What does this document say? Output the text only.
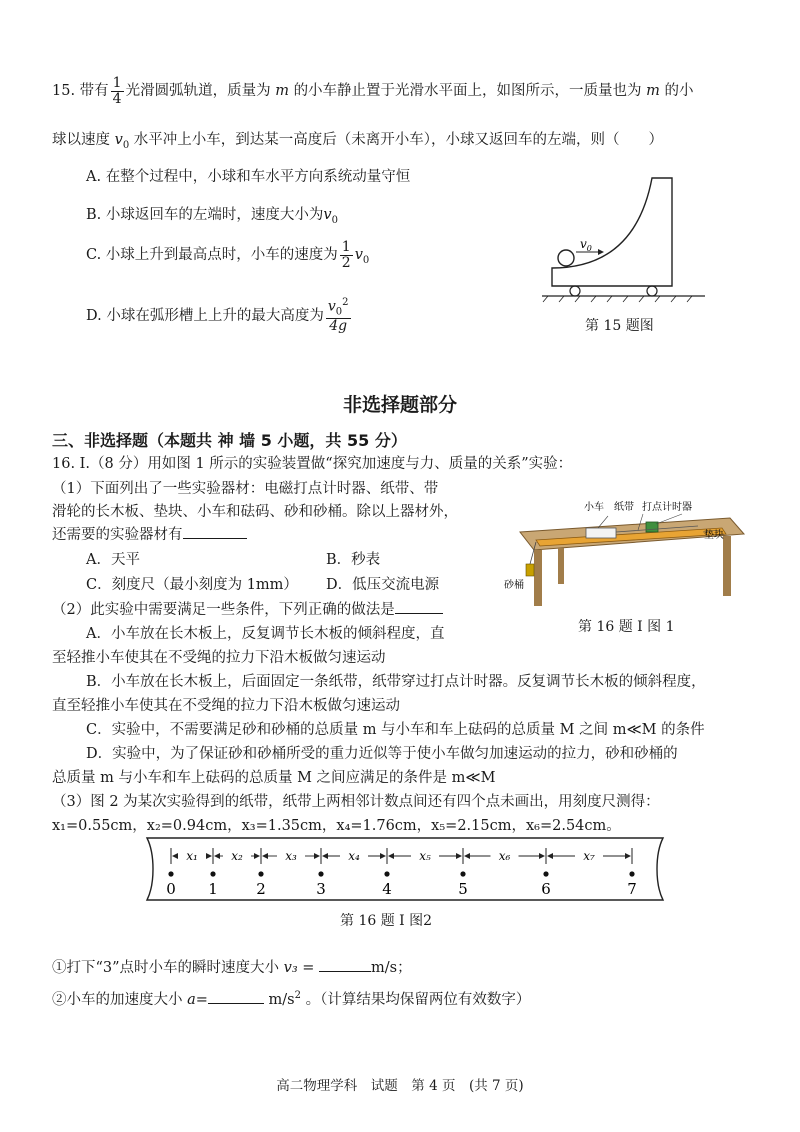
15. 带有 $\frac{1}{4}$ 光滑圆弧轨道，质量为 m 的小车静止置于光滑水平面上，如图所示，一质量也为 m 的小
球以速度 $v_0$ 水平冲上小车，到达某一高度后（未离开小车），小球又返回车的左端，则（　　）
A. 在整个过程中，小球和车水平方向系统动量守恒
B. 小球返回车的左端时，速度大小为$v_0$
C. 小球上升到最高点时，小车的速度为 $\frac{1}{2} v_0$
D. 小球在弧形槽上上升的最大高度为 $\frac{v_0^2}{4g}$
$v_0$
第 15 题图
非选择题部分
三、非选择题（本题共 神 墙 5 小题，共 55 分）
16. Ⅰ.（8 分）用如图 1 所示的实验装置做“探究加速度与力、质量的关系”实验：
（1）下面列出了一些实验器材：电磁打点计时器、纸带、带
滑轮的长木板、垫块、小车和砝码、砂和砂桶。除以上器材外，
还需要的实验器材有
A．天平	B．秒表
C．刻度尺（最小刻度为 1mm） D．低压交流电源
（2）此实验中需要满足一些条件，下列正确的做法是
A．小车放在长木板上，反复调节长木板的倾斜程度，直
至轻推小车使其在不受绳的拉力下沿木板做匀速运动
B．小车放在长木板上，后面固定一条纸带，纸带穿过打点计时器。反复调节长木板的倾斜程度，
直至轻推小车使其在不受绳的拉力下沿木板做匀速运动
C．实验中，不需要满足砂和砂桶的总质量 m 与小车和车上砝码的总质量 M 之间 m≪M 的条件
D．实验中，为了保证砂和砂桶所受的重力近似等于使小车做匀加速运动的拉力，砂和砂桶的
总质量 m 与小车和车上砝码的总质量 M 之间应满足的条件是 m≪M
（3）图 2 为某次实验得到的纸带，纸带上两相邻计数点间还有四个点未画出，用刻度尺测得：
x₁=0.55cm，x₂=0.94cm，x₃=1.35cm，x₄=1.76cm，x₅=2.15cm，x₆=2.54cm。
小车 纸带 打点计时器
垫块
砂桶
第 16 题 I 图 1
0 1	2	3	4	5	6	7
x₁	x₂	x₃	x₄	x₅	x₆	x₇
第 16 题 I 图2
①打下“3”点时小车的瞬时速度大小 v₃ =	m/s；
②小车的加速度大小 a=	$m/s^2$ 。（计算结果均保留两位有效数字）
高二物理学科　试题　第 4 页　(共 7 页)
